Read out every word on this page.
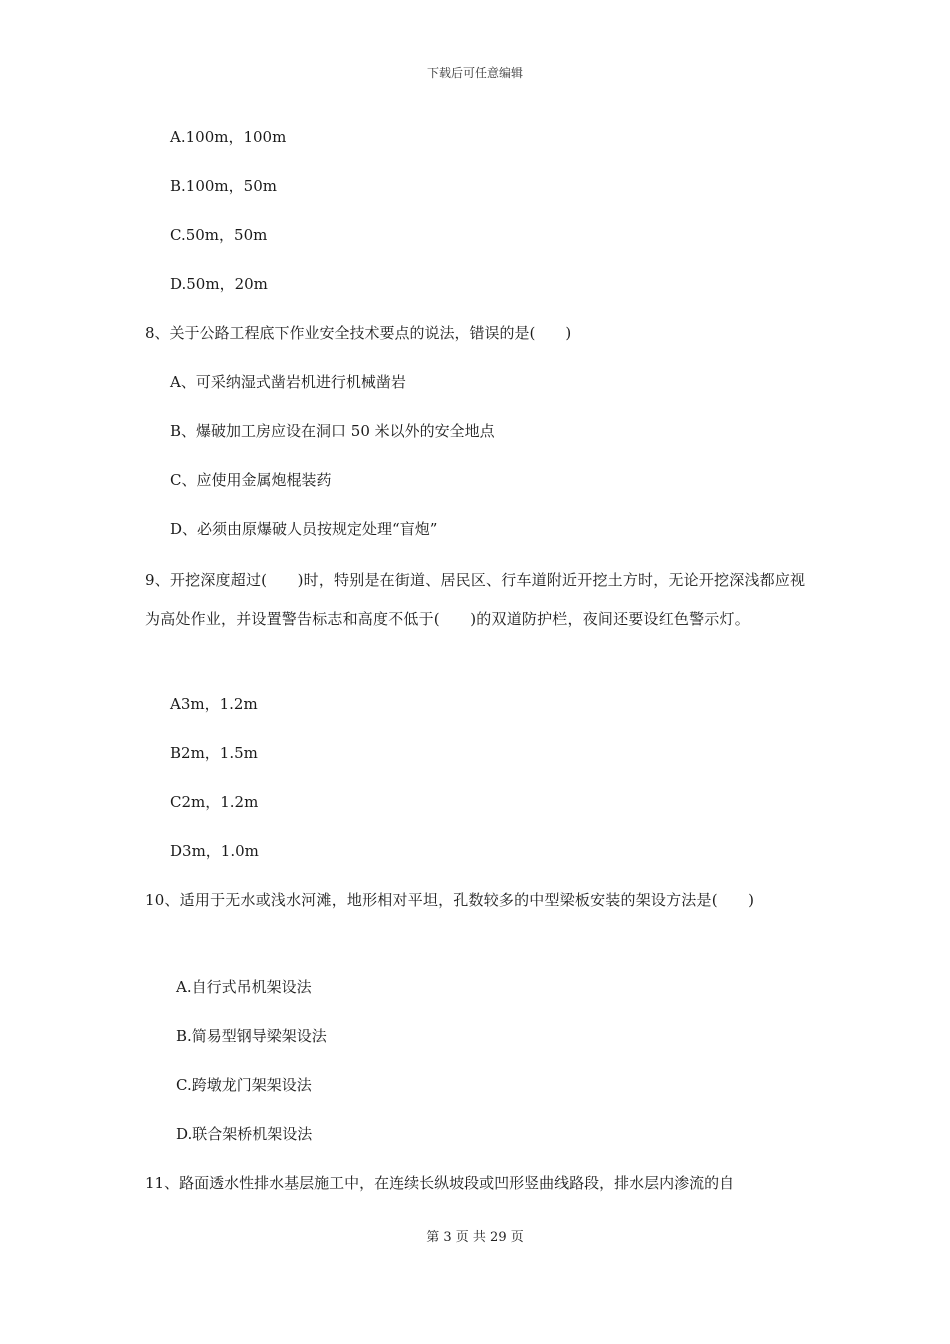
下载后可任意编辑
A.100m，100m
B.100m，50m
C.50m，50m
D.50m，20m
8、关于公路工程底下作业安全技术要点的说法，错误的是(　　)
A、可采纳湿式凿岩机进行机械凿岩
B、爆破加工房应设在洞口 50 米以外的安全地点
C、应使用金属炮棍装药
D、必须由原爆破人员按规定处理“盲炮”
9、开挖深度超过(　　)时，特别是在街道、居民区、行车道附近开挖土方时，无论开挖深浅都应视为高处作业，并设置警告标志和高度不低于(　　)的双道防护栏，夜间还要设红色警示灯。
A3m，1.2m
B2m，1.5m
C2m，1.2m
D3m，1.0m
10、适用于无水或浅水河滩，地形相对平坦，孔数较多的中型梁板安装的架设方法是(　　)
A.自行式吊机架设法
B.简易型钢导梁架设法
C.跨墩龙门架架设法
D.联合架桥机架设法
11、路面透水性排水基层施工中，在连续长纵坡段或凹形竖曲线路段，排水层内渗流的自
第 3 页 共 29 页
